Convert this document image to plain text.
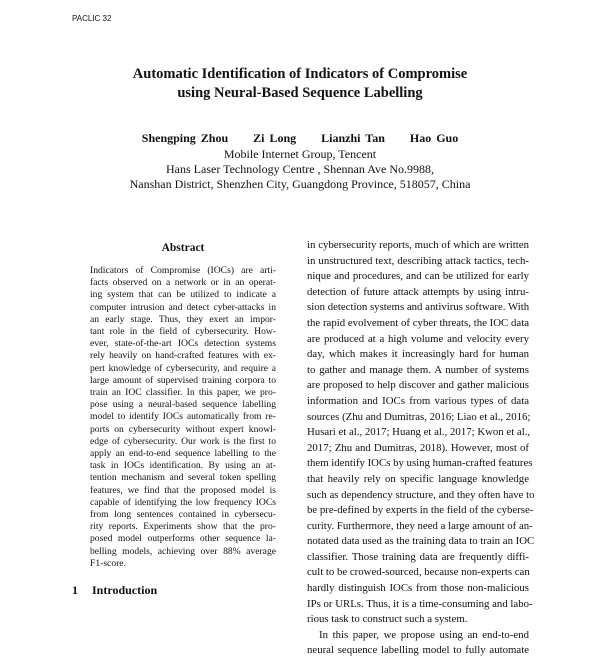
PACLIC 32
Automatic Identification of Indicators of Compromise
using Neural-Based Sequence Labelling
Shengping Zhou     Zi Long     Lianzhi Tan     Hao Guo
Mobile Internet Group, Tencent
Hans Laser Technology Centre , Shennan Ave No.9988,
Nanshan District, Shenzhen City, Guangdong Province, 518057, China
Abstract
Indicators of Compromise (IOCs) are arti-
facts observed on a network or in an operat-
ing system that can be utilized to indicate a
computer intrusion and detect cyber-attacks in
an early stage. Thus, they exert an impor-
tant role in the field of cybersecurity. How-
ever, state-of-the-art IOCs detection systems
rely heavily on hand-crafted features with ex-
pert knowledge of cybersecurity, and require a
large amount of supervised training corpora to
train an IOC classifier. In this paper, we pro-
pose using a neural-based sequence labelling
model to identify IOCs automatically from re-
ports on cybersecurity without expert knowl-
edge of cybersecurity. Our work is the first to
apply an end-to-end sequence labelling to the
task in IOCs identification. By using an at-
tention mechanism and several token spelling
features, we find that the proposed model is
capable of identifying the low frequency IOCs
from long sentences contained in cybersecu-
rity reports. Experiments show that the pro-
posed model outperforms other sequence la-
belling models, achieving over 88% average
F1-score.
1 Introduction
in cybersecurity reports, much of which are written
in unstructured text, describing attack tactics, tech-
nique and procedures, and can be utilized for early
detection of future attack attempts by using intru-
sion detection systems and antivirus software. With
the rapid evolvement of cyber threats, the IOC data
are produced at a high volume and velocity every
day, which makes it increasingly hard for human
to gather and manage them. A number of systems
are proposed to help discover and gather malicious
information and IOCs from various types of data
sources (Zhu and Dumitras, 2016; Liao et al., 2016;
Husari et al., 2017; Huang et al., 2017; Kwon et al.,
2017; Zhu and Dumitras, 2018). However, most of
them identify IOCs by using human-crafted features
that heavily rely on specific language knowledge
such as dependency structure, and they often have to
be pre-defined by experts in the field of the cyberse-
curity. Furthermore, they need a large amount of an-
notated data used as the training data to train an IOC
classifier. Those training data are frequently diffi-
cult to be crowed-sourced, because non-experts can
hardly distinguish IOCs from those non-malicious
IPs or URLs. Thus, it is a time-consuming and labo-
rious task to construct such a system.
In this paper, we propose using an end-to-end
neural sequence labelling model to fully automate
